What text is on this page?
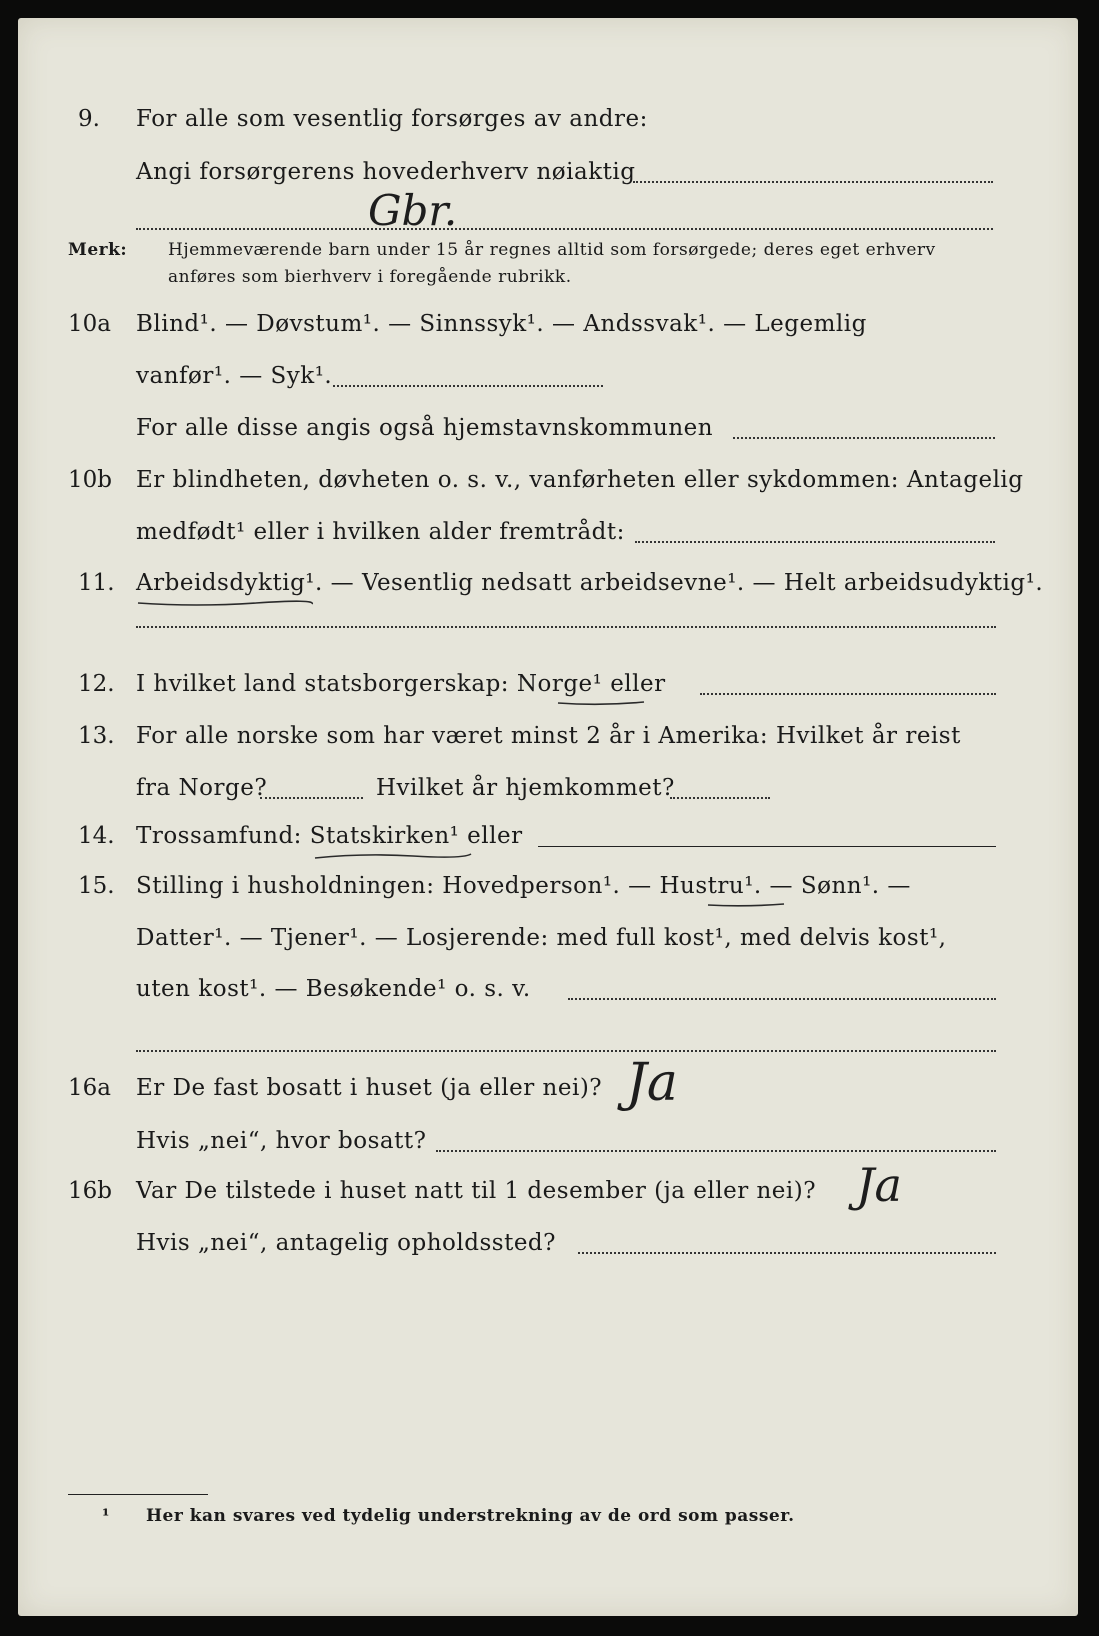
9. For alle som vesentlig forsørges av andre:
Angi forsørgerens hovederhverv nøiaktig
Gbr.
Merk: Hjemmeværende barn under 15 år regnes alltid som forsørgede; deres eget erhverv
anføres som bierhverv i foregående rubrikk.
10a Blind¹. — Døvstum¹. — Sinnssyk¹. — Andssvak¹. — Legemlig
vanfør¹. — Syk¹.
For alle disse angis også hjemstavnskommunen
10b Er blindheten, døvheten o. s. v., vanførheten eller sykdommen: Antagelig
medfødt¹ eller i hvilken alder fremtrådt:
11. Arbeidsdyktig¹. — Vesentlig nedsatt arbeidsevne¹. — Helt arbeidsudyktig¹.
12. I hvilket land statsborgerskap: Norge¹ eller
13. For alle norske som har været minst 2 år i Amerika: Hvilket år reist
fra Norge?	Hvilket år hjemkommet?
14. Trossamfund: Statskirken¹ eller
15. Stilling i husholdningen: Hovedperson¹. — Hustru¹. — Sønn¹. —
Datter¹. — Tjener¹. — Losjerende: med full kost¹, med delvis kost¹,
uten kost¹. — Besøkende¹ o. s. v.
16a Er De fast bosatt i huset (ja eller nei)? Ja
Hvis „nei“, hvor bosatt?
16b Var De tilstede i huset natt til 1 desember (ja eller nei)? Ja
Hvis „nei“, antagelig opholdssted?
¹ Her kan svares ved tydelig understrekning av de ord som passer.
